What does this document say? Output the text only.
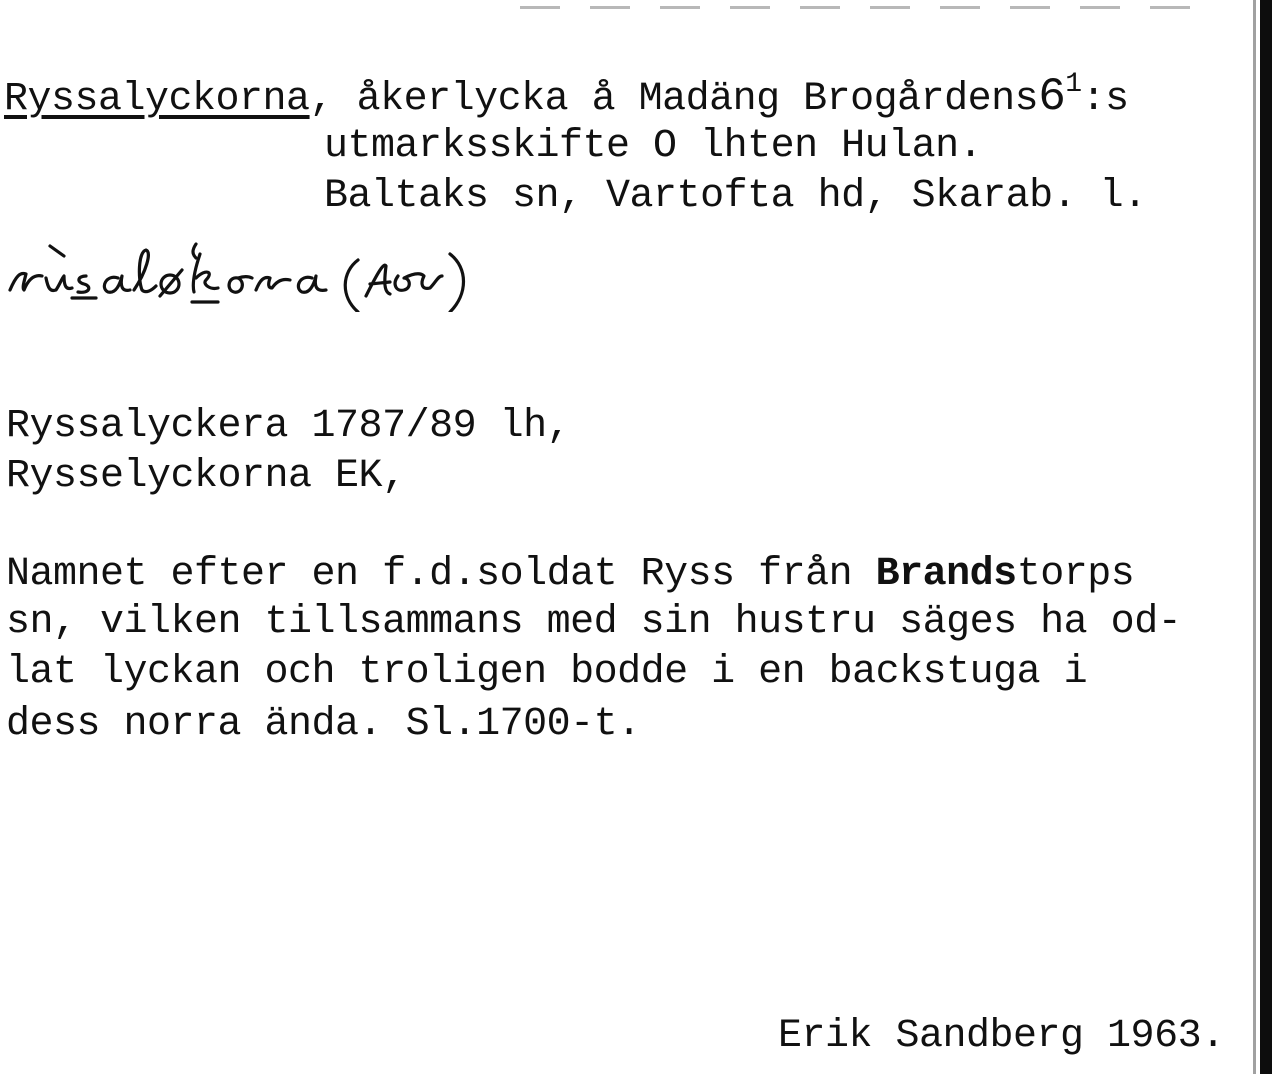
Ryssalyckorna, åkerlycka å Madäng $Brogårdens6^1:s$
utmarksskifte O lhten Hulan.
Baltaks sn, Vartofta hd, Skarab. l.
Ryssalyckera 1787/89 lh,
Rysselyckorna EK,
Namnet efter en f.d.soldat Ryss från Brandstorps
sn, vilken tillsammans med sin hustru säges ha od-
lat lyckan och troligen bodde i en backstuga i
dess norra ända. Sl.1700-t.
Erik Sandberg 1963.
